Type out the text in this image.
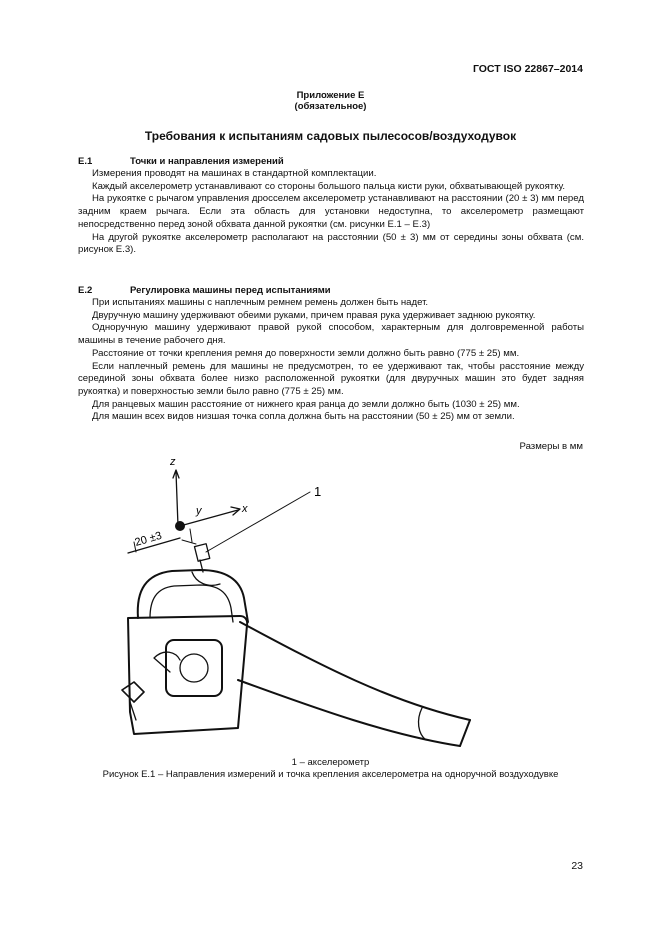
ГОСТ ISO 22867–2014
Приложение Е
(обязательное)
Требования к испытаниям садовых пылесосов/воздуходувок
Е.1	Точки и направления измерений

Измерения проводят на машинах в стандартной комплектации.

Каждый акселерометр устанавливают со стороны большого пальца кисти руки, обхватывающей рукоятку.

На рукоятке с рычагом управления дросселем акселерометр устанавливают на расстоянии (20 ± 3) мм перед задним краем рычага. Если эта область для установки недоступна, то акселерометр размещают непосредственно перед зоной обхвата данной рукоятки (см. рисунки Е.1 – Е.3)

На другой рукоятке акселерометр располагают на расстоянии (50 ± 3) мм от середины зоны обхвата (см. рисунок Е.3).

Е.2	Регулировка машины перед испытаниями

При испытаниях машины с наплечным ремнем ремень должен быть надет.

Двуручную машину удерживают обеими руками, причем правая рука удерживает заднюю рукоятку.

Одноручную машину удерживают правой рукой способом, характерным для долговременной работы машины в течение рабочего дня.

Расстояние от точки крепления ремня до поверхности земли должно быть равно (775 ± 25) мм.

Если наплечный ремень для машины не предусмотрен, то ее удерживают так, чтобы расстояние между серединой зоны обхвата более низко расположенной рукоятки (для двуручных машин это будет задняя рукоятка) и поверхностью земли было равно (775 ± 25) мм.

Для ранцевых машин расстояние от нижнего края ранца до земли должно быть (1030 ± 25) мм.

Для машин всех видов низшая точка сопла должна быть на расстоянии (50 ± 25) мм от земли.

Размеры в мм
z
y	x
1
20 ±3
1 – акселерометр
Рисунок Е.1 – Направления измерений и точка крепления акселерометра на одноручной воздуходувке
23
